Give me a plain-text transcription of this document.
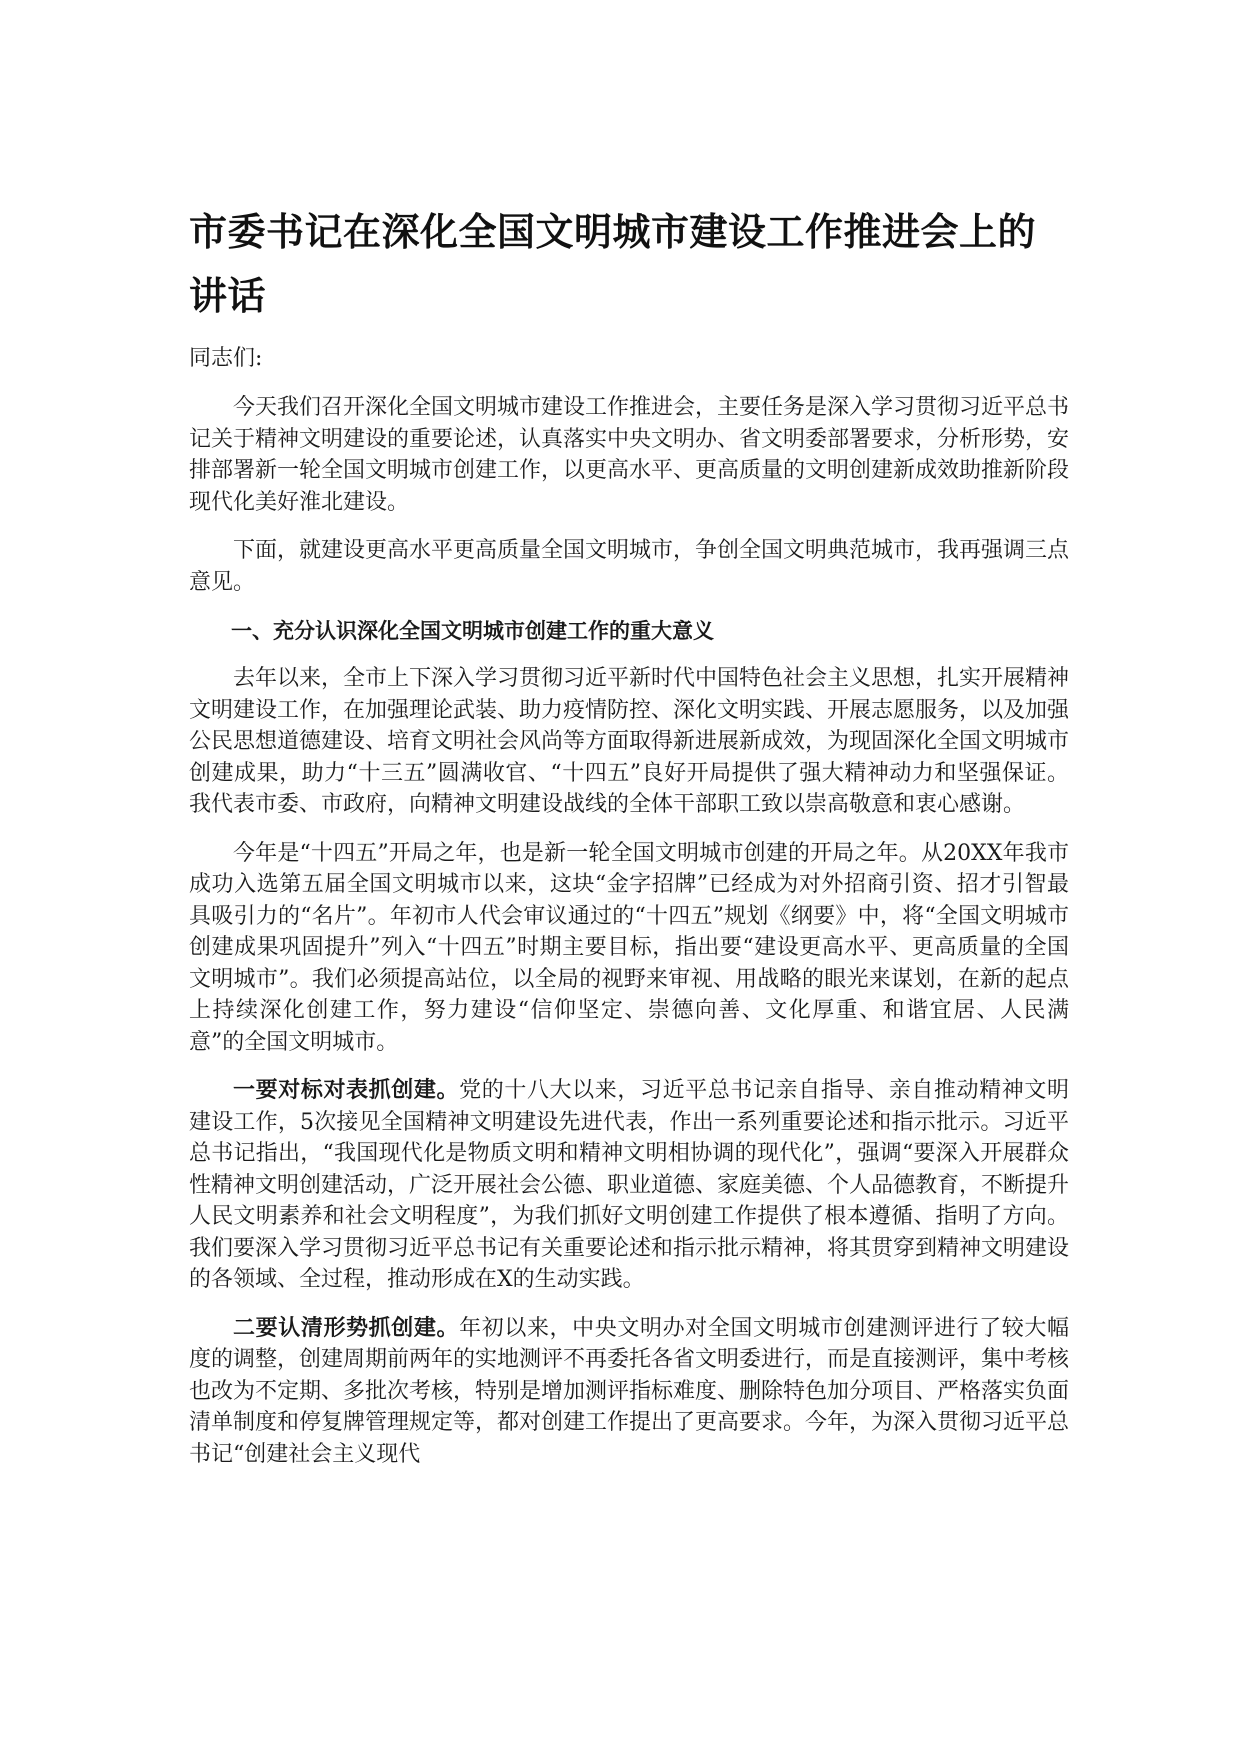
市委书记在深化全国文明城市建设工作推进会上的讲话

同志们:

今天我们召开深化全国文明城市建设工作推进会，主要任务是深入学习贯彻习近平总书记关于精神文明建设的重要论述，认真落实中央文明办、省文明委部署要求，分析形势，安排部署新一轮全国文明城市创建工作，以更高水平、更高质量的文明创建新成效助推新阶段现代化美好淮北建设。

下面，就建设更高水平更高质量全国文明城市，争创全国文明典范城市，我再强调三点意见。

一、充分认识深化全国文明城市创建工作的重大意义

去年以来，全市上下深入学习贯彻习近平新时代中国特色社会主义思想，扎实开展精神文明建设工作，在加强理论武装、助力疫情防控、深化文明实践、开展志愿服务，以及加强公民思想道德建设、培育文明社会风尚等方面取得新进展新成效，为现固深化全国文明城市创建成果，助力“十三五”圆满收官、“十四五”良好开局提供了强大精神动力和坚强保证。我代表市委、市政府，向精神文明建设战线的全体干部职工致以崇高敬意和衷心感谢。

今年是“十四五”开局之年，也是新一轮全国文明城市创建的开局之年。从20XX年我市成功入选第五届全国文明城市以来，这块“金字招牌”已经成为对外招商引资、招才引智最具吸引力的“名片”。年初市人代会审议通过的“十四五”规划《纲要》中，将“全国文明城市创建成果巩固提升”列入“十四五”时期主要目标，指出要“建设更高水平、更高质量的全国文明城市”。我们必须提高站位，以全局的视野来审视、用战略的眼光来谋划，在新的起点上持续深化创建工作，努力建设“信仰坚定、崇德向善、文化厚重、和谐宜居、人民满意”的全国文明城市。

一要对标对表抓创建。党的十八大以来，习近平总书记亲自指导、亲自推动精神文明建设工作，5次接见全国精神文明建设先进代表，作出一系列重要论述和指示批示。习近平总书记指出，“我国现代化是物质文明和精神文明相协调的现代化”，强调“要深入开展群众性精神文明创建活动，广泛开展社会公德、职业道德、家庭美德、个人品德教育，不断提升人民文明素养和社会文明程度”，为我们抓好文明创建工作提供了根本遵循、指明了方向。我们要深入学习贯彻习近平总书记有关重要论述和指示批示精神，将其贯穿到精神文明建设的各领域、全过程，推动形成在X的生动实践。

二要认清形势抓创建。年初以来，中央文明办对全国文明城市创建测评进行了较大幅度的调整，创建周期前两年的实地测评不再委托各省文明委进行，而是直接测评，集中考核也改为不定期、多批次考核，特别是增加测评指标难度、删除特色加分项目、严格落实负面清单制度和停复牌管理规定等，都对创建工作提出了更高要求。今年，为深入贯彻习近平总书记“创建社会主义现代
